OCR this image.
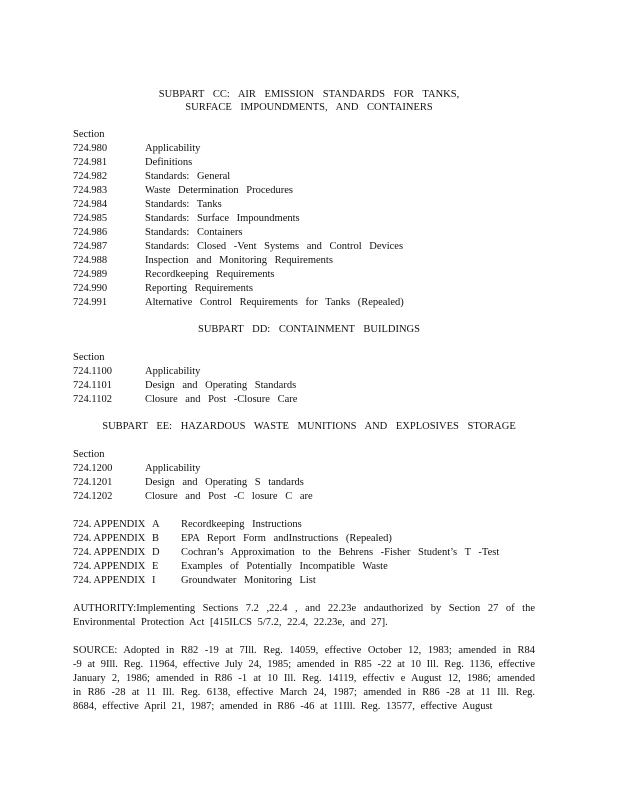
SUBPART CC: AIR EMISSION STANDARDS FOR TANKS,
SURFACE IMPOUNDMENTS, AND CONTAINERS
Section
724.980	Applicability
724.981	Definitions
724.982	Standards: General
724.983	Waste Determination Procedures
724.984	Standards: Tanks
724.985	Standards: Surface Impoundments
724.986	Standards: Containers
724.987	Standards: Closed -Vent Systems and Control Devices
724.988	Inspection and Monitoring Requirements
724.989	Recordkeeping Requirements
724.990	Reporting Requirements
724.991	Alternative Control Requirements for Tanks (Repealed)
SUBPART DD: CONTAINMENT BUILDINGS
Section
724.1100	Applicability
724.1101	Design and Operating Standards
724.1102	Closure and Post -Closure Care
SUBPART EE: HAZARDOUS WASTE MUNITIONS AND EXPLOSIVES STORAGE
Section
724.1200	Applicability
724.1201	Design and Operating S tandards
724.1202	Closure and Post -C losure C are
724. APPENDIX A Recordkeeping Instructions
724. APPENDIX B EPA Report Form andInstructions (Repealed)
724. APPENDIX D Cochran’s Approximation to the Behrens -Fisher Student’s T -Test
724. APPENDIX E Examples of Potentially Incompatible Waste
724. APPENDIX I Groundwater Monitoring List
AUTHORITY:Implementing Sections 7.2 ,22.4 , and 22.23e andauthorized by Section 27 of the Environmental Protection Act [415ILCS 5/7.2, 22.4, 22.23e, and 27].
SOURCE: Adopted in R82 -19 at 7Ill. Reg. 14059, effective October 12, 1983; amended in R84 -9 at 9Ill. Reg. 11964, effective July 24, 1985; amended in R85 -22 at 10 Ill. Reg. 1136, effective January 2, 1986; amended in R86 -1 at 10 Ill. Reg. 14119, effectiv e August 12, 1986; amended in R86 -28 at 11 Ill. Reg. 6138, effective March 24, 1987; amended in R86 -28 at 11 Ill. Reg. 8684, effective April 21, 1987; amended in R86 -46 at 11Ill. Reg. 13577, effective August
